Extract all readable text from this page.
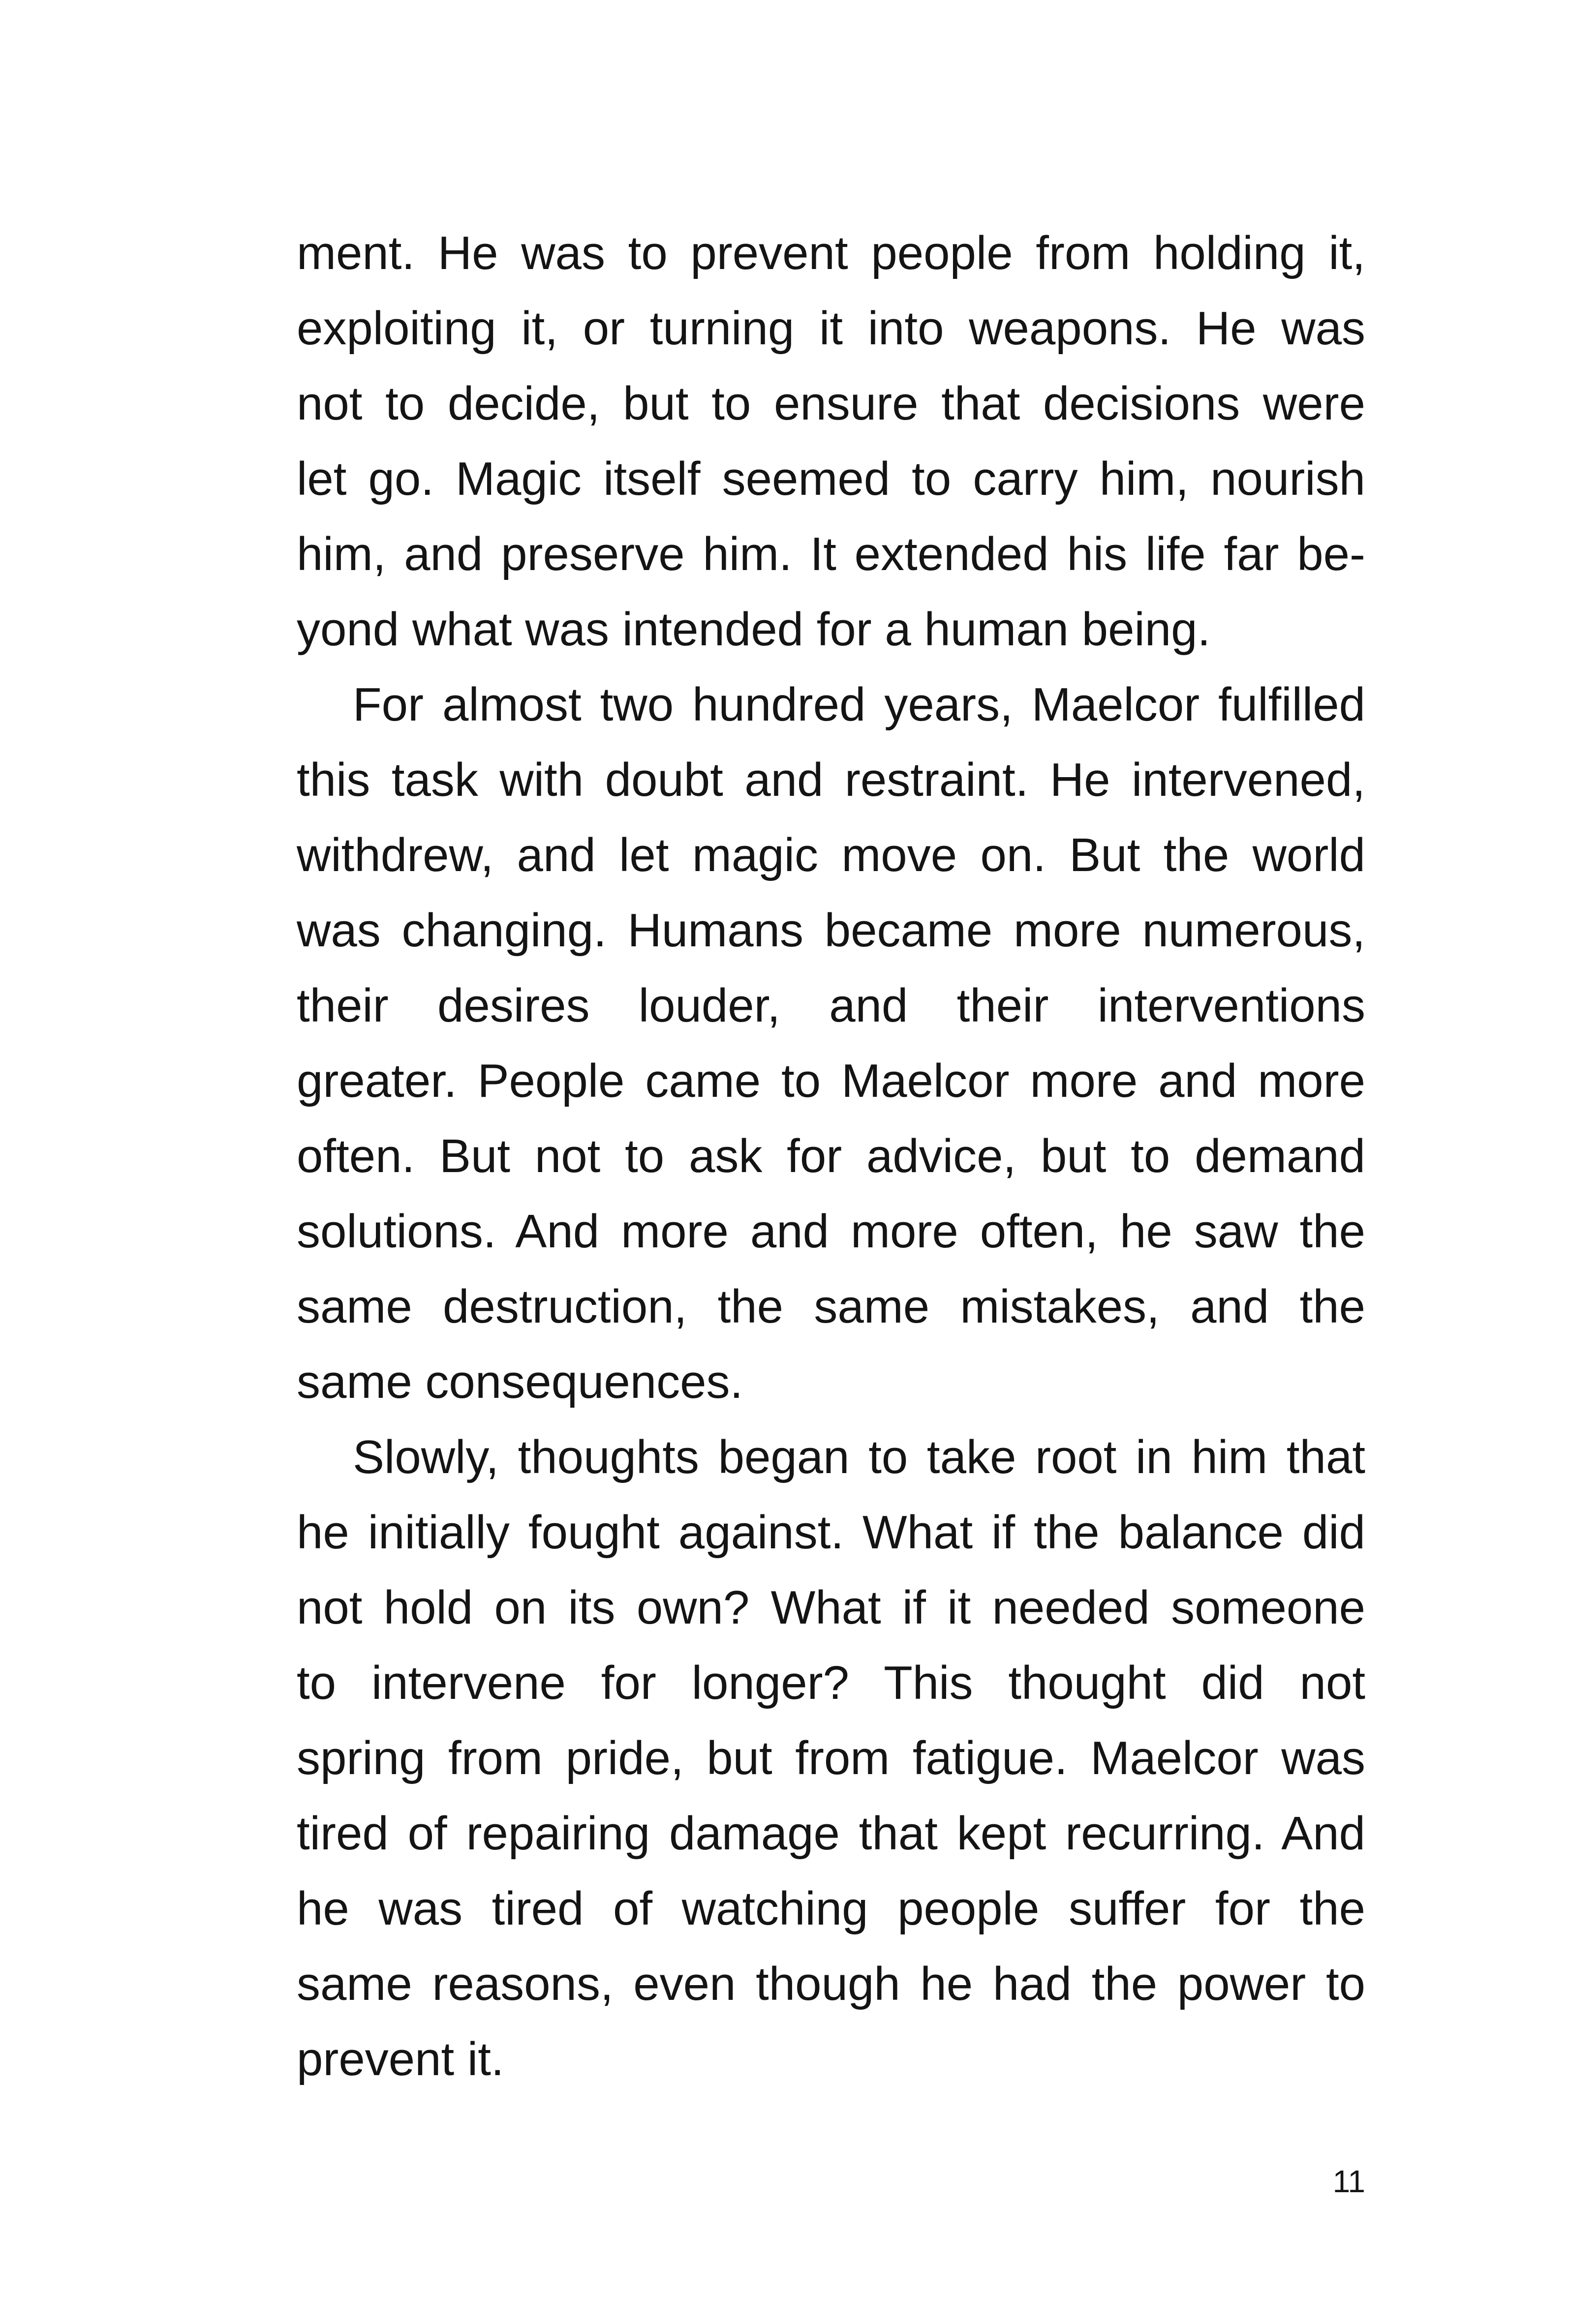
ment. He was to prevent people from holding it,
exploiting it, or turning it into weapons. He was
not to decide, but to ensure that decisions were
let go. Magic itself seemed to carry him, nourish
him, and preserve him. It extended his life far be-
yond what was intended for a human being.
For almost two hundred years, Maelcor fulfilled
this task with doubt and restraint. He intervened,
withdrew, and let magic move on. But the world
was changing. Humans became more numerous,
their desires louder, and their interventions
greater. People came to Maelcor more and more
often. But not to ask for advice, but to demand
solutions. And more and more often, he saw the
same destruction, the same mistakes, and the
same consequences.
Slowly, thoughts began to take root in him that
he initially fought against. What if the balance did
not hold on its own? What if it needed someone
to intervene for longer? This thought did not
spring from pride, but from fatigue. Maelcor was
tired of repairing damage that kept recurring. And
he was tired of watching people suffer for the
same reasons, even though he had the power to
prevent it.
11
